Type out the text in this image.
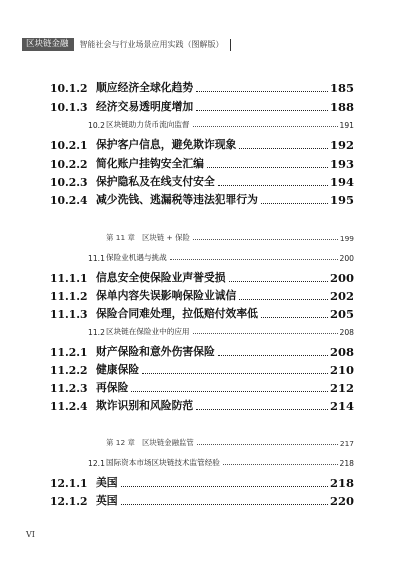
区块链金融	智能社会与行业场景应用实践（图解版）
10.1.2 顺应经济全球化趋势	185
10.1.3 经济交易透明度增加	188
10.2 区块链助力货币流向监督	191
10.2.1 保护客户信息，避免欺诈现象	192
10.2.2 简化账户挂钩安全汇编	193
10.2.3 保护隐私及在线支付安全	194
10.2.4 减少洗钱、逃漏税等违法犯罪行为	195
第 11 章 区块链 + 保险	199
11.1 保险业机遇与挑战	200
11.1.1 信息安全使保险业声誉受损	200
11.1.2 保单内容失误影响保险业诚信	202
11.1.3 保险合同难处理，拉低赔付效率低	205
11.2 区块链在保险业中的应用	208
11.2.1 财产保险和意外伤害保险	208
11.2.2 健康保险	210
11.2.3 再保险	212
11.2.4 欺诈识别和风险防范	214
第 12 章 区块链金融监管	217
12.1 国际资本市场区块链技术监管经验	218
12.1.1 美国	218
12.1.2 英国	220
VI
